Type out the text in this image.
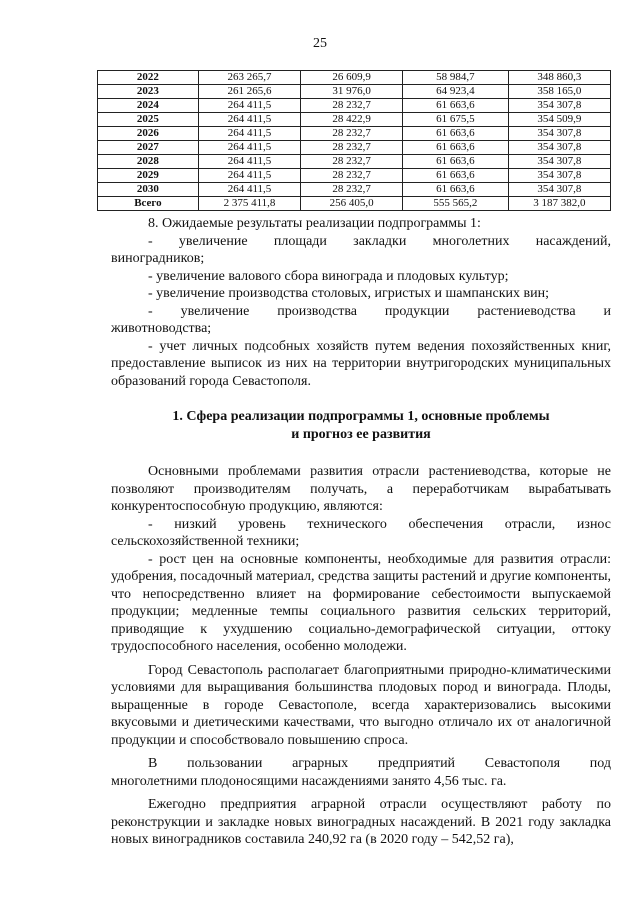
25
2022	263 265,7	26 609,9	58 984,7	348 860,3
2023	261 265,6	31 976,0	64 923,4	358 165,0
2024	264 411,5	28 232,7	61 663,6	354 307,8
2025	264 411,5	28 422,9	61 675,5	354 509,9
2026	264 411,5	28 232,7	61 663,6	354 307,8
2027	264 411,5	28 232,7	61 663,6	354 307,8
2028	264 411,5	28 232,7	61 663,6	354 307,8
2029	264 411,5	28 232,7	61 663,6	354 307,8
2030	264 411,5	28 232,7	61 663,6	354 307,8
Всего	2 375 411,8	256 405,0	555 565,2	3 187 382,0

8. Ожидаемые результаты реализации подпрограммы 1:

- увеличение площади закладки многолетних насаждений,

виноградников;

- увеличение валового сбора винограда и плодовых культур;

- увеличение производства столовых, игристых и шампанских вин;

- увеличение производства продукции растениеводства и

животноводства;

- учет личных подсобных хозяйств путем ведения похозяйственных книг, предоставление выписок из них на территории внутригородских муниципальных образований города Севастополя.

1. Сфера реализации подпрограммы 1, основные проблемы
и прогноз ее развития

Основными проблемами развития отрасли растениеводства, которые не позволяют производителям получать, а переработчикам вырабатывать конкурентоспособную продукцию, являются:

- низкий уровень технического обеспечения отрасли, износ

сельскохозяйственной техники;

- рост цен на основные компоненты, необходимые для развития отрасли: удобрения, посадочный материал, средства защиты растений и другие компоненты, что непосредственно влияет на формирование себестоимости выпускаемой продукции; медленные темпы социального развития сельских территорий, приводящие к ухудшению социально-демографической ситуации, оттоку трудоспособного населения, особенно молодежи.

Город Севастополь располагает благоприятными природно-климатическими условиями для выращивания большинства плодовых пород и винограда. Плоды, выращенные в городе Севастополе, всегда характеризовались высокими вкусовыми и диетическими качествами, что выгодно отличало их от аналогичной продукции и способствовало повышению спроса.

В пользовании аграрных предприятий Севастополя под

многолетними плодоносящими насаждениями занято 4,56 тыс. га.

Ежегодно предприятия аграрной отрасли осуществляют работу по реконструкции и закладке новых виноградных насаждений. В 2021 году закладка новых виноградников составила 240,92 га (в 2020 году – 542,52 га),
